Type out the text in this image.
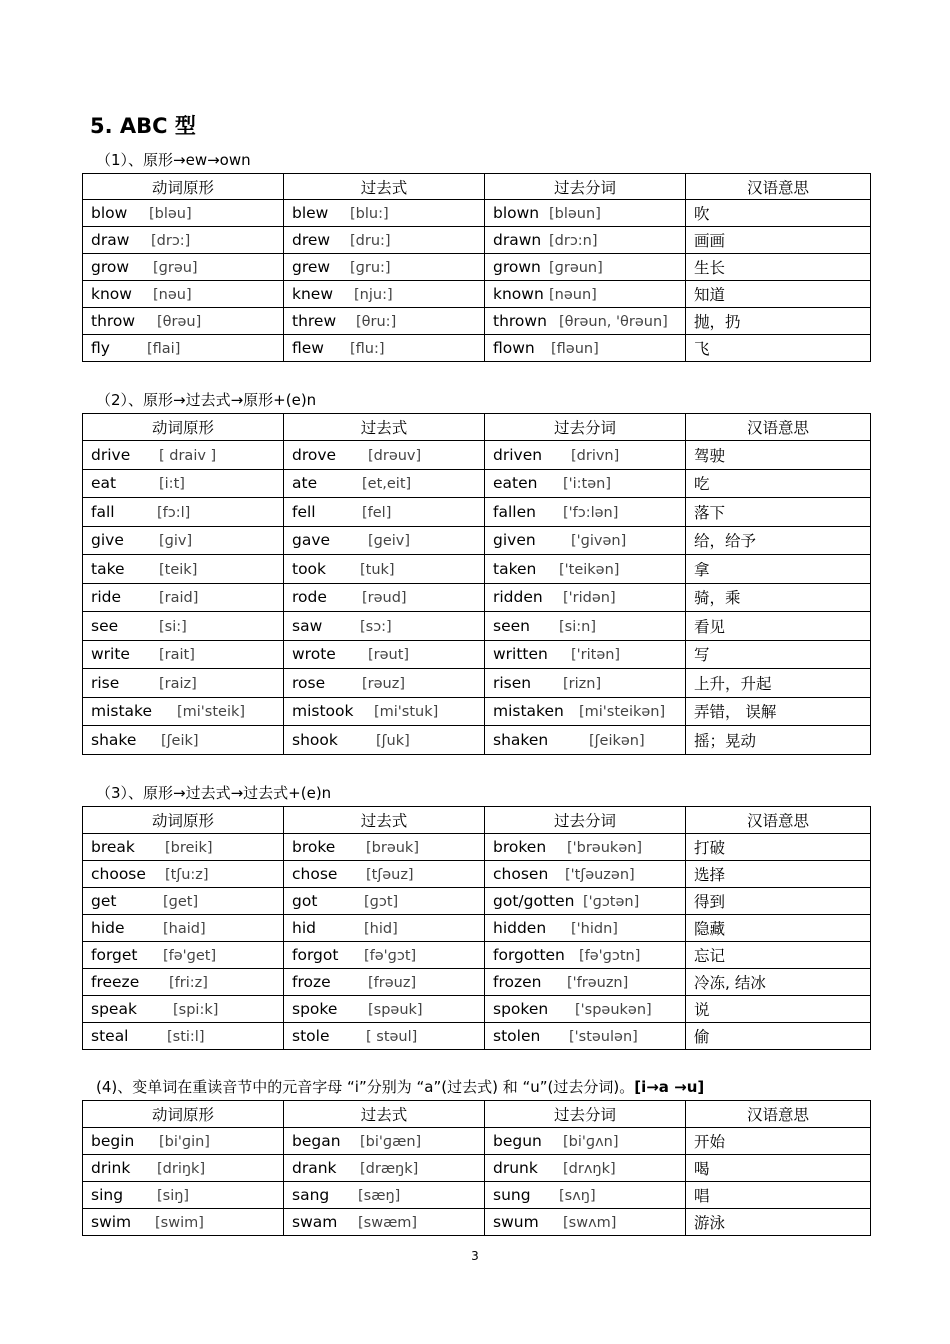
5. ABC 型
（1）、原形→ew→own
动词原形	过去式	过去分词	汉语意思
blow [bləu]	blew [blu:]	blown [bləun]	吹
draw [drɔ:]	drew [dru:]	drawn [drɔ:n]	画画
grow [ɡrəu]	grew [ɡru:]	grown [ɡrəun]	生长
know [nəu]	knew [nju:]	known [nəun]	知道
throw [θrəu]	threw [θru:]	thrown [θrəun, 'θrəun]	抛，扔
fly [flai]	flew [flu:]	flown [fləun]	飞
（2）、原形→过去式→原形+(e)n
动词原形	过去式	过去分词	汉语意思
drive [ draiv ]	drove [drəuv]	driven [drivn]	驾驶
eat [i:t]	ate [et,eit]	eaten ['i:tən]	吃
fall [fɔ:l]	fell [fel]	fallen ['fɔ:lən]	落下
give [ɡiv]	gave [ɡeiv]	given ['ɡivən]	给，给予
take [teik]	took [tuk]	taken ['teikən]	拿
ride [raid]	rode [rəud]	ridden ['ridən]	骑，乘
see [si:]	saw [sɔ:]	seen [si:n]	看见
write [rait]	wrote [rəut]	written ['ritən]	写
rise [raiz]	rose [rəuz]	risen [rizn]	上升，升起
mistake [mi'steik]	mistook [mi'stuk]	mistaken [mi'steikən]	弄错， 误解
shake [ʃeik]	shook [ʃuk]	shaken [ʃeikən]	摇；晃动
（3）、原形→过去式→过去式+(e)n
动词原形	过去式	过去分词	汉语意思
break [breik]	broke [brəuk]	broken ['brəukən]	打破
choose [tʃu:z]	chose [tʃəuz]	chosen ['tʃəuzən]	选择
get [ɡet]	got [ɡɔt]	got/gotten ['ɡɔtən]	得到
hide [haid]	hid [hid]	hidden ['hidn]	隐藏
forget [fə'ɡet]	forgot [fə'ɡɔt]	forgotten [fə'ɡɔtn]	忘记
freeze [fri:z]	froze [frəuz]	frozen ['frəuzn]	冷冻, 结冰
speak [spi:k]	spoke [spəuk]	spoken ['spəukən]	说
steal [sti:l]	stole [ stəul]	stolen ['stəulən]	偷
(4)、变单词在重读音节中的元音字母 “i”分别为 “a”(过去式) 和 “u”(过去分词)。[i→a →u]
动词原形	过去式	过去分词	汉语意思
begin [bi'ɡin]	began [bi'ɡæn]	begun [bi'ɡʌn]	开始
drink [driŋk]	drank [dræŋk]	drunk [drʌŋk]	喝
sing [siŋ]	sang [sæŋ]	sung [sʌŋ]	唱
swim [swim]	swam [swæm]	swum [swʌm]	游泳
3
